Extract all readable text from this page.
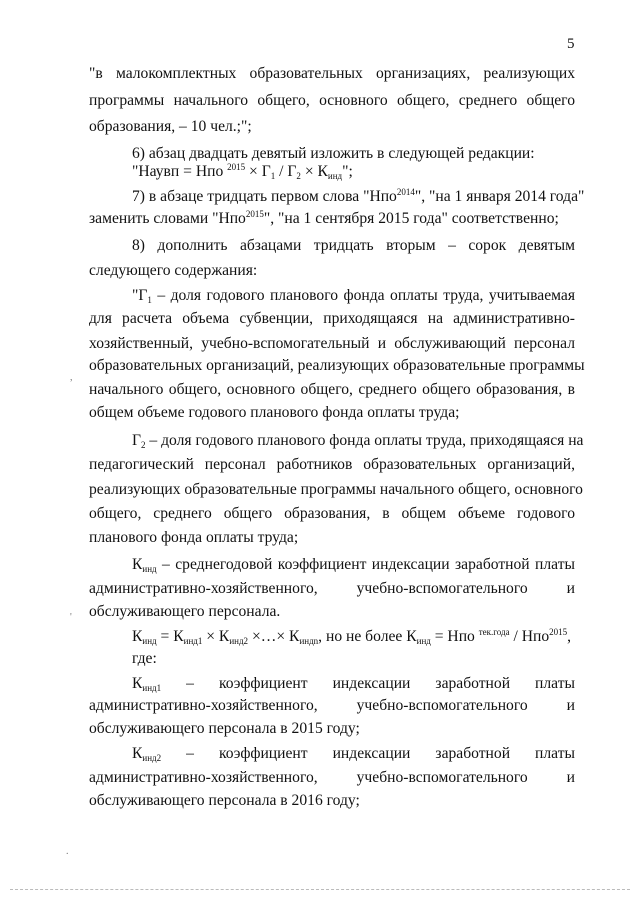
5
"в малокомплектных образовательных организациях, реализующих
программы начального общего, основного общего, среднего общего
образования, – 10 чел.;";
6) абзац двадцать девятый изложить в следующей редакции:
"Наувп = Нпо $^{2015} \times Г_1 / Г_2 \times К_{инд}$";
7) в абзаце тридцать первом слова "Нпо$^{2014}$", "на 1 января 2014 года"
заменить словами "Нпо$^{2015}$", "на 1 сентября 2015 года" соответственно;
8) дополнить абзацами тридцать вторым – сорок девятым
следующего содержания:
"$Г_1$ – доля годового планового фонда оплаты труда, учитываемая
для расчета объема субвенции, приходящаяся на административно-
хозяйственный, учебно-вспомогательный и обслуживающий персонал
образовательных организаций, реализующих образовательные программы
начального общего, основного общего, среднего общего образования, в
общем объеме годового планового фонда оплаты труда;
$Г_2$ – доля годового планового фонда оплаты труда, приходящаяся на
педагогический персонал работников образовательных организаций,
реализующих образовательные программы начального общего, основного
общего, среднего общего образования, в общем объеме годового
планового фонда оплаты труда;
$К_{инд}$ – среднегодовой коэффициент индексации заработной платы
административно-хозяйственного, учебно-вспомогательного и
обслуживающего персонала.
$К_{инд} = К_{инд1} \times К_{инд2}$ ×…× $К_{индn}$, но не более $К_{инд}$ = Нпо $^{тек.года}$ / Нпо$^{2015}$,
где:
$К_{инд1}$ – коэффициент индексации заработной платы
административно-хозяйственного, учебно-вспомогательного и
обслуживающего персонала в 2015 году;
$К_{инд2}$ – коэффициент индексации заработной платы
административно-хозяйственного, учебно-вспомогательного и
обслуживающего персонала в 2016 году;
,
'
.
